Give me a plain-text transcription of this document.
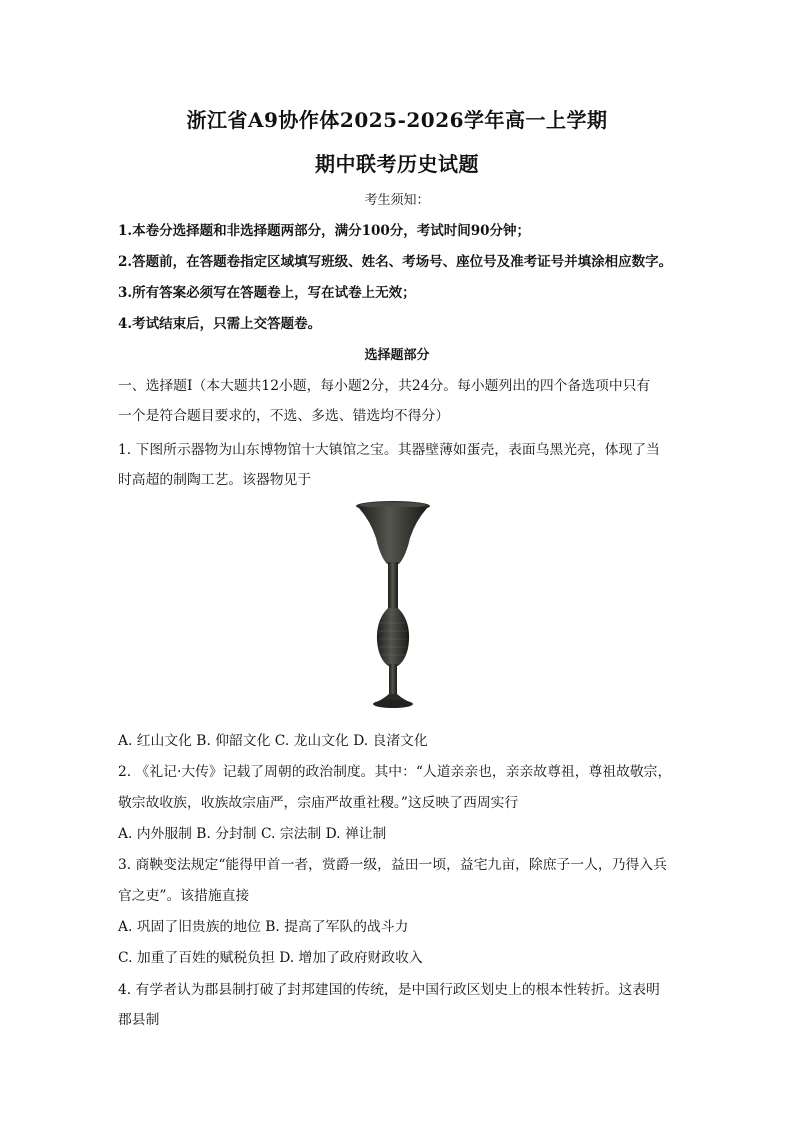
浙江省A9协作体2025-2026学年高一上学期
期中联考历史试题
考生须知：
1.本卷分选择题和非选择题两部分，满分100分，考试时间90分钟；
2.答题前，在答题卷指定区域填写班级、姓名、考场号、座位号及准考证号并填涂相应数字。
3.所有答案必须写在答题卷上，写在试卷上无效；
4.考试结束后，只需上交答题卷。
选择题部分
一、选择题Ⅰ（本大题共12小题，每小题2分，共24分。每小题列出的四个备选项中只有
一个是符合题目要求的，不选、多选、错选均不得分）
1. 下图所示器物为山东博物馆十大镇馆之宝。其器壁薄如蛋壳，表面乌黑光亮，体现了当
时高超的制陶工艺。该器物见于
A. 红山文化 B. 仰韶文化 C. 龙山文化 D. 良渚文化
2. 《礼记·大传》记载了周朝的政治制度。其中：“人道亲亲也，亲亲故尊祖，尊祖故敬宗，
敬宗故收族，收族故宗庙严，宗庙严故重社稷。”这反映了西周实行
A. 内外服制 B. 分封制 C. 宗法制 D. 禅让制
3. 商鞅变法规定“能得甲首一者，赏爵一级，益田一顷，益宅九亩，除庶子一人，乃得入兵
官之吏”。该措施直接
A. 巩固了旧贵族的地位 B. 提高了军队的战斗力
C. 加重了百姓的赋税负担 D. 增加了政府财政收入
4. 有学者认为郡县制打破了封邦建国的传统，是中国行政区划史上的根本性转折。这表明
郡县制
